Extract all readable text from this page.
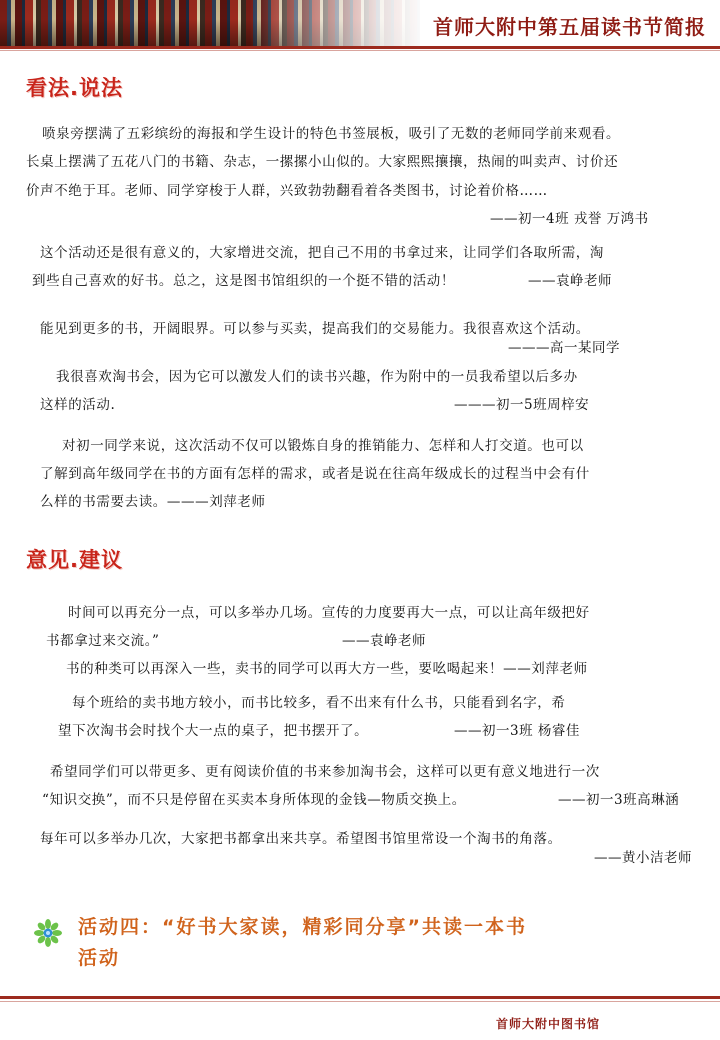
首师大附中第五届读书节简报
看法.说法
喷泉旁摆满了五彩缤纷的海报和学生设计的特色书签展板，吸引了无数的老师同学前来观看。
长桌上摆满了五花八门的书籍、杂志，一摞摞小山似的。大家熙熙攘攘，热闹的叫卖声、讨价还
价声不绝于耳。老师、同学穿梭于人群，兴致勃勃翻看着各类图书，讨论着价格……
——初一4班 戎誉 万鸿书
这个活动还是很有意义的，大家增进交流，把自己不用的书拿过来，让同学们各取所需，淘
到些自己喜欢的好书。总之，这是图书馆组织的一个挺不错的活动！	——袁峥老师
能见到更多的书，开阔眼界。可以参与买卖，提高我们的交易能力。我很喜欢这个活动。
———高一某同学
我很喜欢淘书会，因为它可以激发人们的读书兴趣，作为附中的一员我希望以后多办
这样的活动.	———初一5班周梓安
对初一同学来说，这次活动不仅可以锻炼自身的推销能力、怎样和人打交道。也可以
了解到高年级同学在书的方面有怎样的需求，或者是说在往高年级成长的过程当中会有什
么样的书需要去读。———刘萍老师
意见.建议
时间可以再充分一点，可以多举办几场。宣传的力度要再大一点，可以让高年级把好
书都拿过来交流。”	——袁峥老师
书的种类可以再深入一些，卖书的同学可以再大方一些，要吆喝起来！——刘萍老师
每个班给的卖书地方较小，而书比较多，看不出来有什么书，只能看到名字，希
望下次淘书会时找个大一点的桌子，把书摆开了。	——初一3班 杨睿佳
希望同学们可以带更多、更有阅读价值的书来参加淘书会，这样可以更有意义地进行一次
“知识交换”，而不只是停留在买卖本身所体现的金钱—物质交换上。	——初一3班高琳涵
每年可以多举办几次，大家把书都拿出来共享。希望图书馆里常设一个淘书的角落。
——黄小洁老师
活动四：“好书大家读，精彩同分享”共读一本书
活动
首师大附中图书馆
